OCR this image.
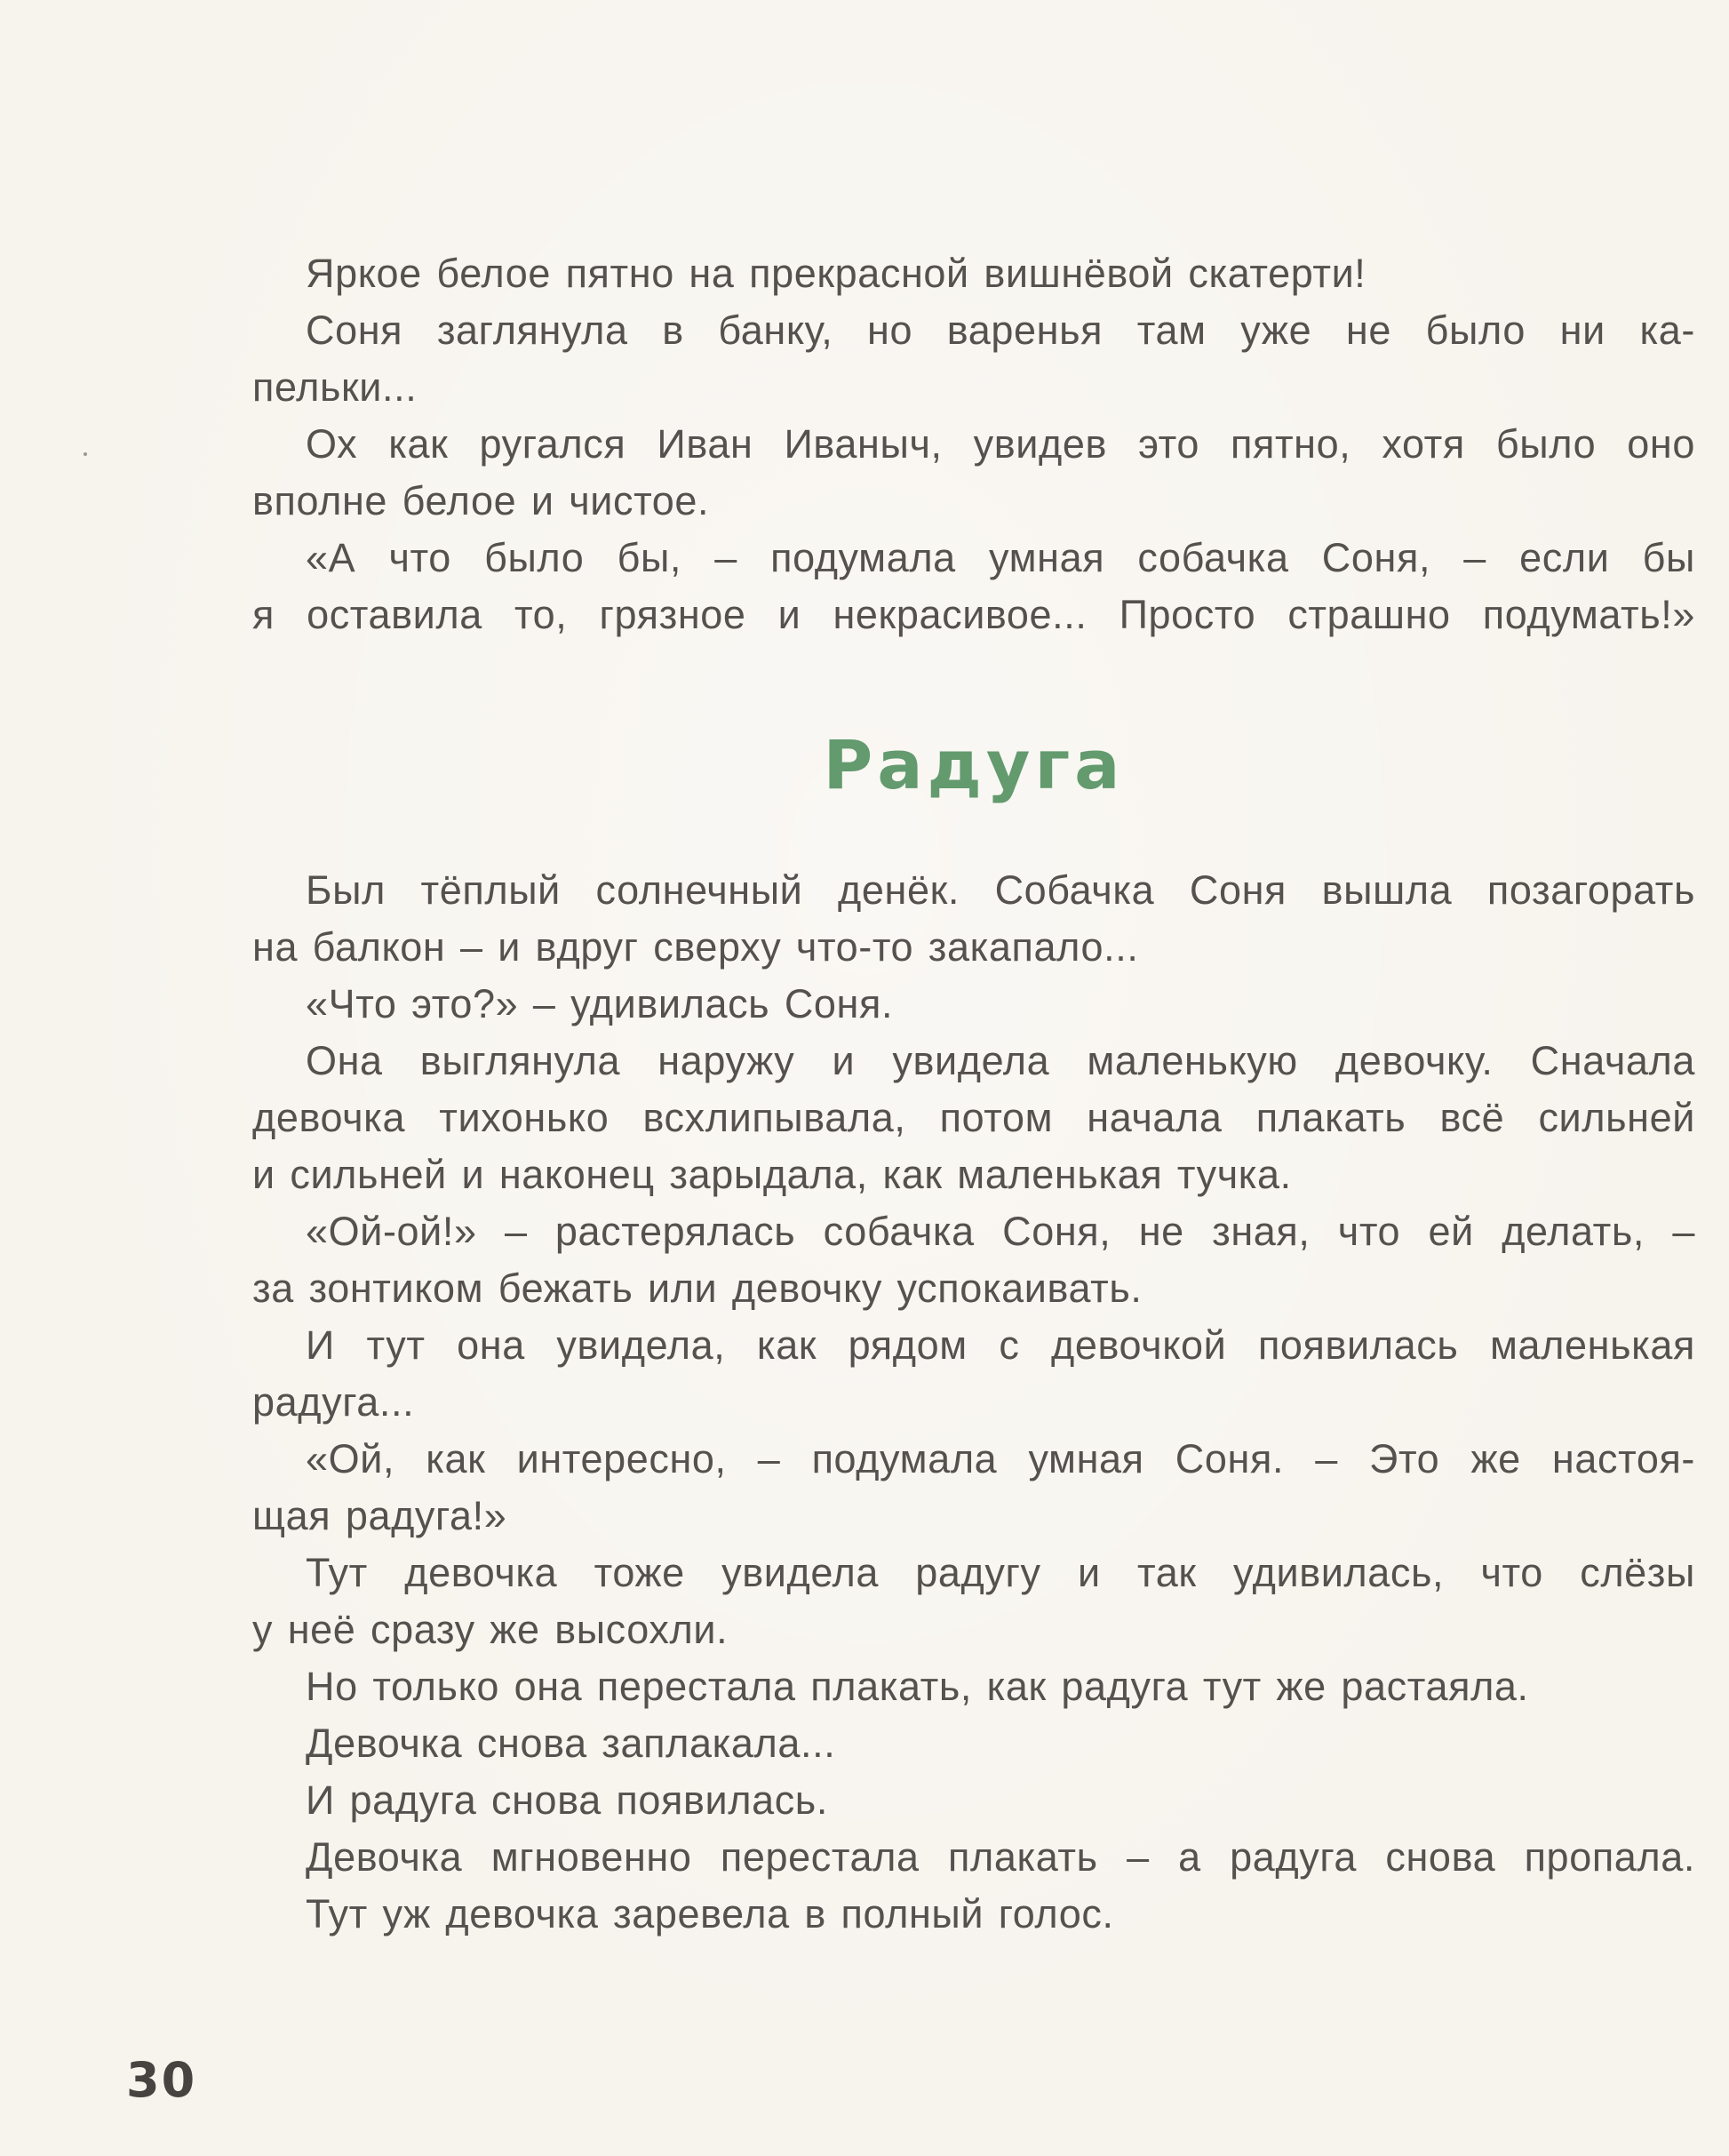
Яркое белое пятно на прекрасной вишнёвой скатерти!
Соня заглянула в банку, но варенья там уже не было ни ка-
пельки...
Ох как ругался Иван Иваныч, увидев это пятно, хотя было оно
вполне белое и чистое.
«А что было бы, – подумала умная собачка Соня, – если бы
я оставила то, грязное и некрасивое... Просто страшно подумать!»
Радуга
Был тёплый солнечный денёк. Собачка Соня вышла позагорать
на балкон – и вдруг сверху что-то закапало...
«Что это?» – удивилась Соня.
Она выглянула наружу и увидела маленькую девочку. Сначала
девочка тихонько всхлипывала, потом начала плакать всё сильней
и сильней и наконец зарыдала, как маленькая тучка.
«Ой-ой!» – растерялась собачка Соня, не зная, что ей делать, –
за зонтиком бежать или девочку успокаивать.
И тут она увидела, как рядом с девочкой появилась маленькая
радуга...
«Ой, как интересно, – подумала умная Соня. – Это же настоя-
щая радуга!»
Тут девочка тоже увидела радугу и так удивилась, что слёзы
у неё сразу же высохли.
Но только она перестала плакать, как радуга тут же растаяла.
Девочка снова заплакала...
И радуга снова появилась.
Девочка мгновенно перестала плакать – а радуга снова пропала.
Тут уж девочка заревела в полный голос.
30
